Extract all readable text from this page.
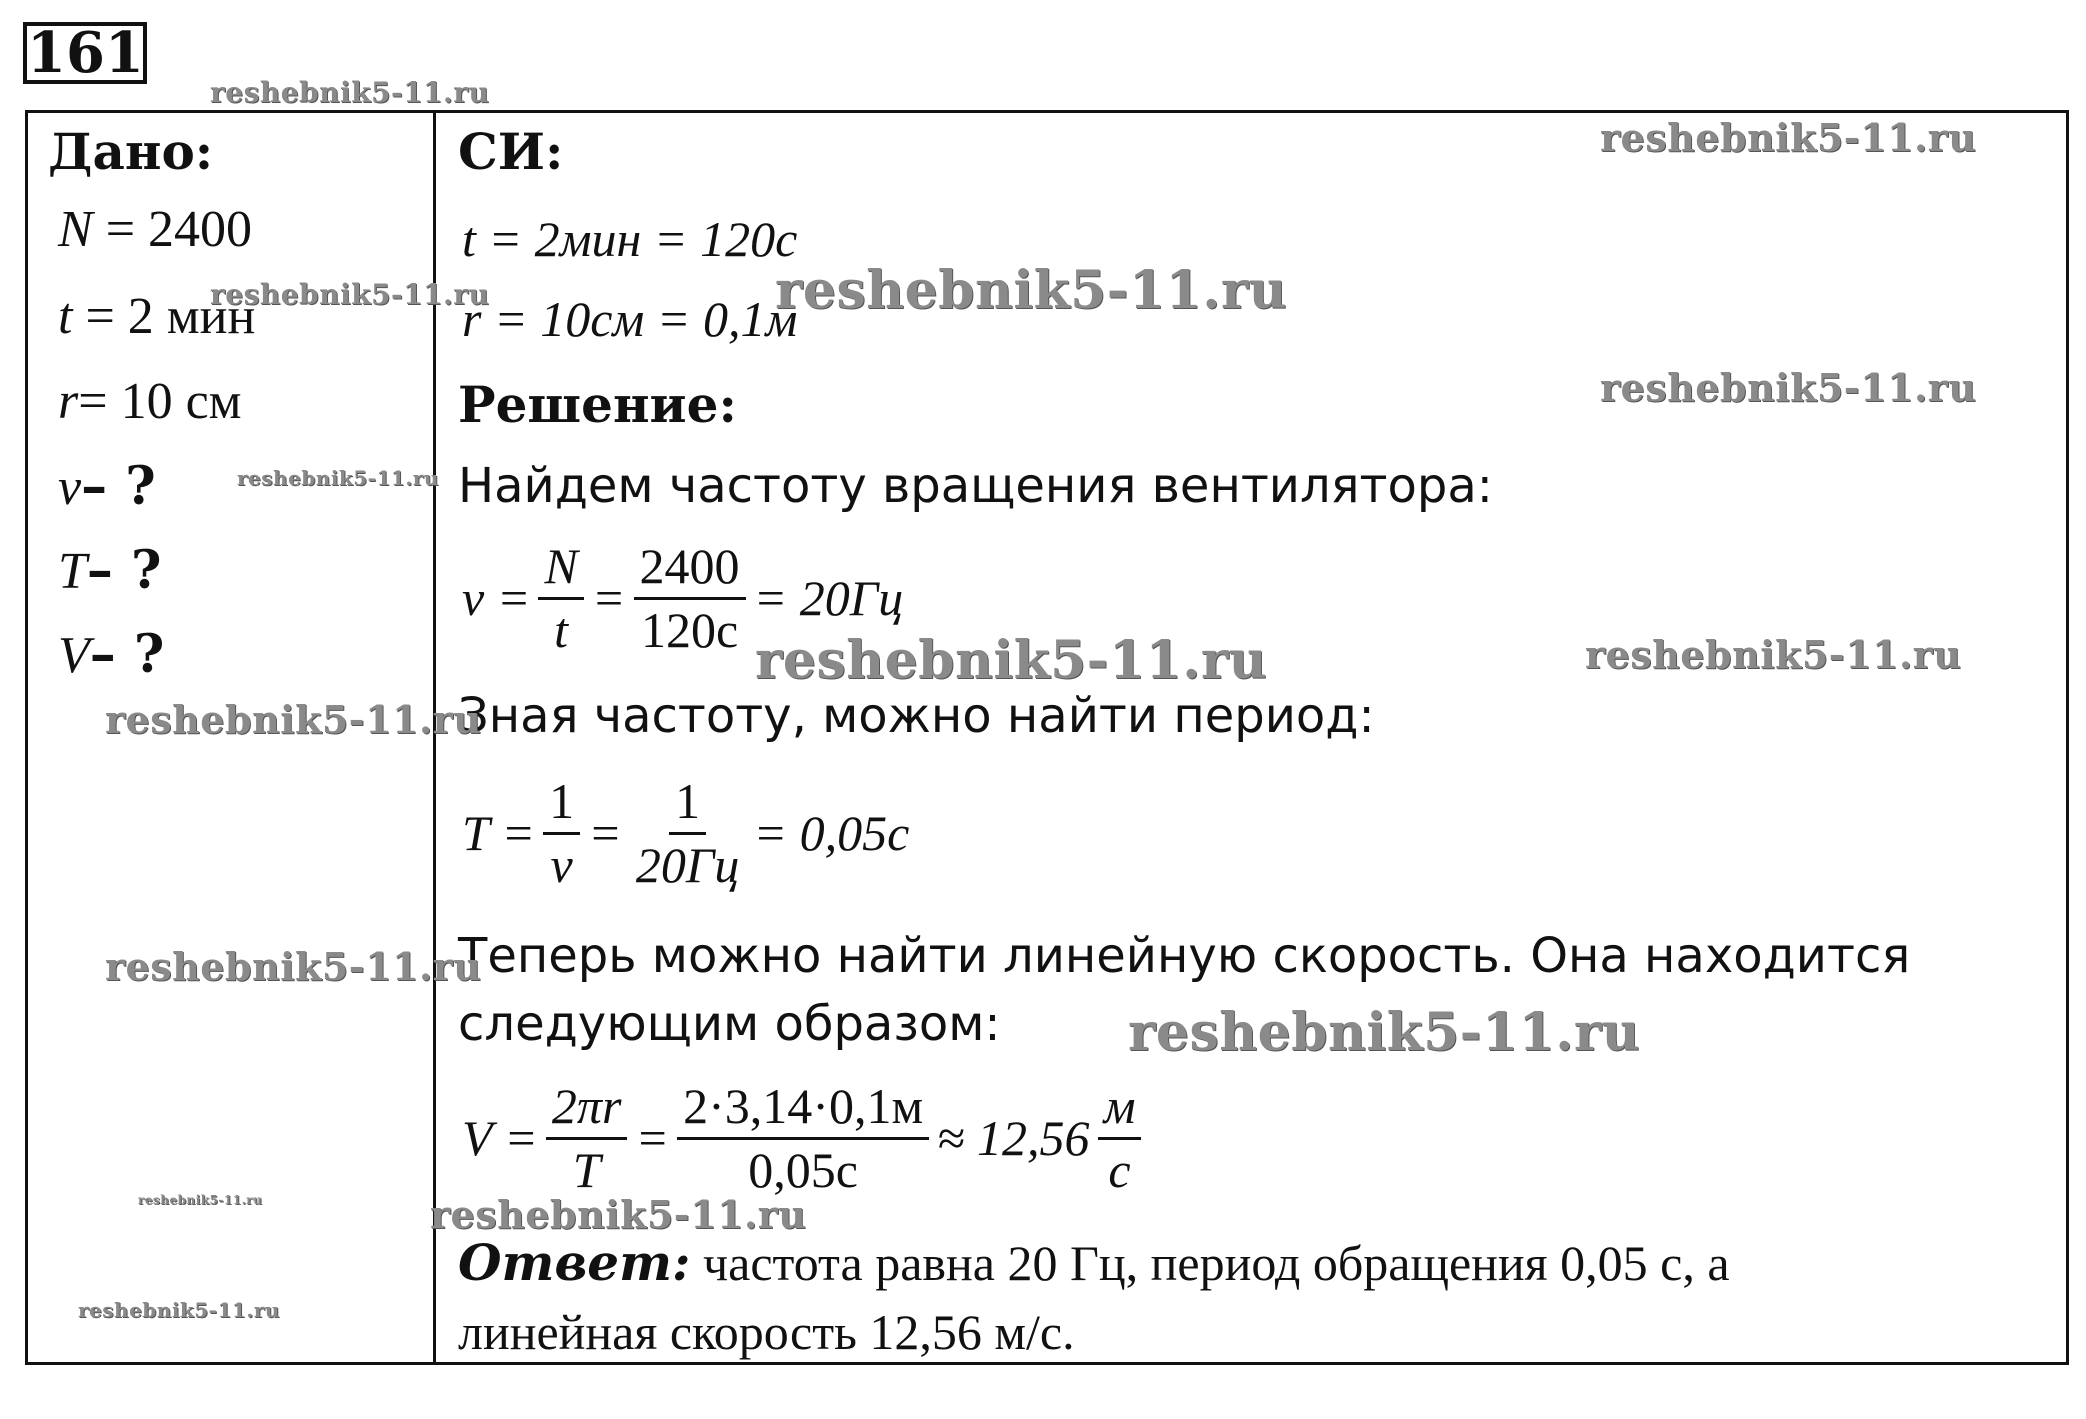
161
Дано:
N = 2400
t = 2 мин
r= 10 см
ν– ?
T– ?
V– ?
СИ:
t = 2мин = 120с
r = 10см = 0,1м
Решение:
Найдем частоту вращения вентилятора:
$\nu = \frac{N}{t} = \frac{2400}{120с} = 20Гц$
Зная частоту, можно найти период:
$T = \frac{1}{\nu} = \frac{1}{20Гц} = 0,05с$
Теперь можно найти линейную скорость. Она находится
следующим образом:
$V = \frac{2\pi r}{T} = \frac{2\cdot 3,14\cdot 0,1м}{0,05с} \approx 12,56 \frac{м}{с}$
Ответ: частота равна 20 Гц, период обращения 0,05 с, а
линейная скорость 12,56 м/с.
reshebnik5-11.ru
reshebnik5-11.ru
reshebnik5-11.ru	reshebnik5-11.ru
reshebnik5-11.ru
reshebnik5-11.ru
reshebnik5-11.ru	reshebnik5-11.ru
reshebnik5-11.ru
reshebnik5-11.ru
reshebnik5-11.ru
reshebnik5-11.ru	reshebnik5-11.ru
reshebnik5-11.ru
